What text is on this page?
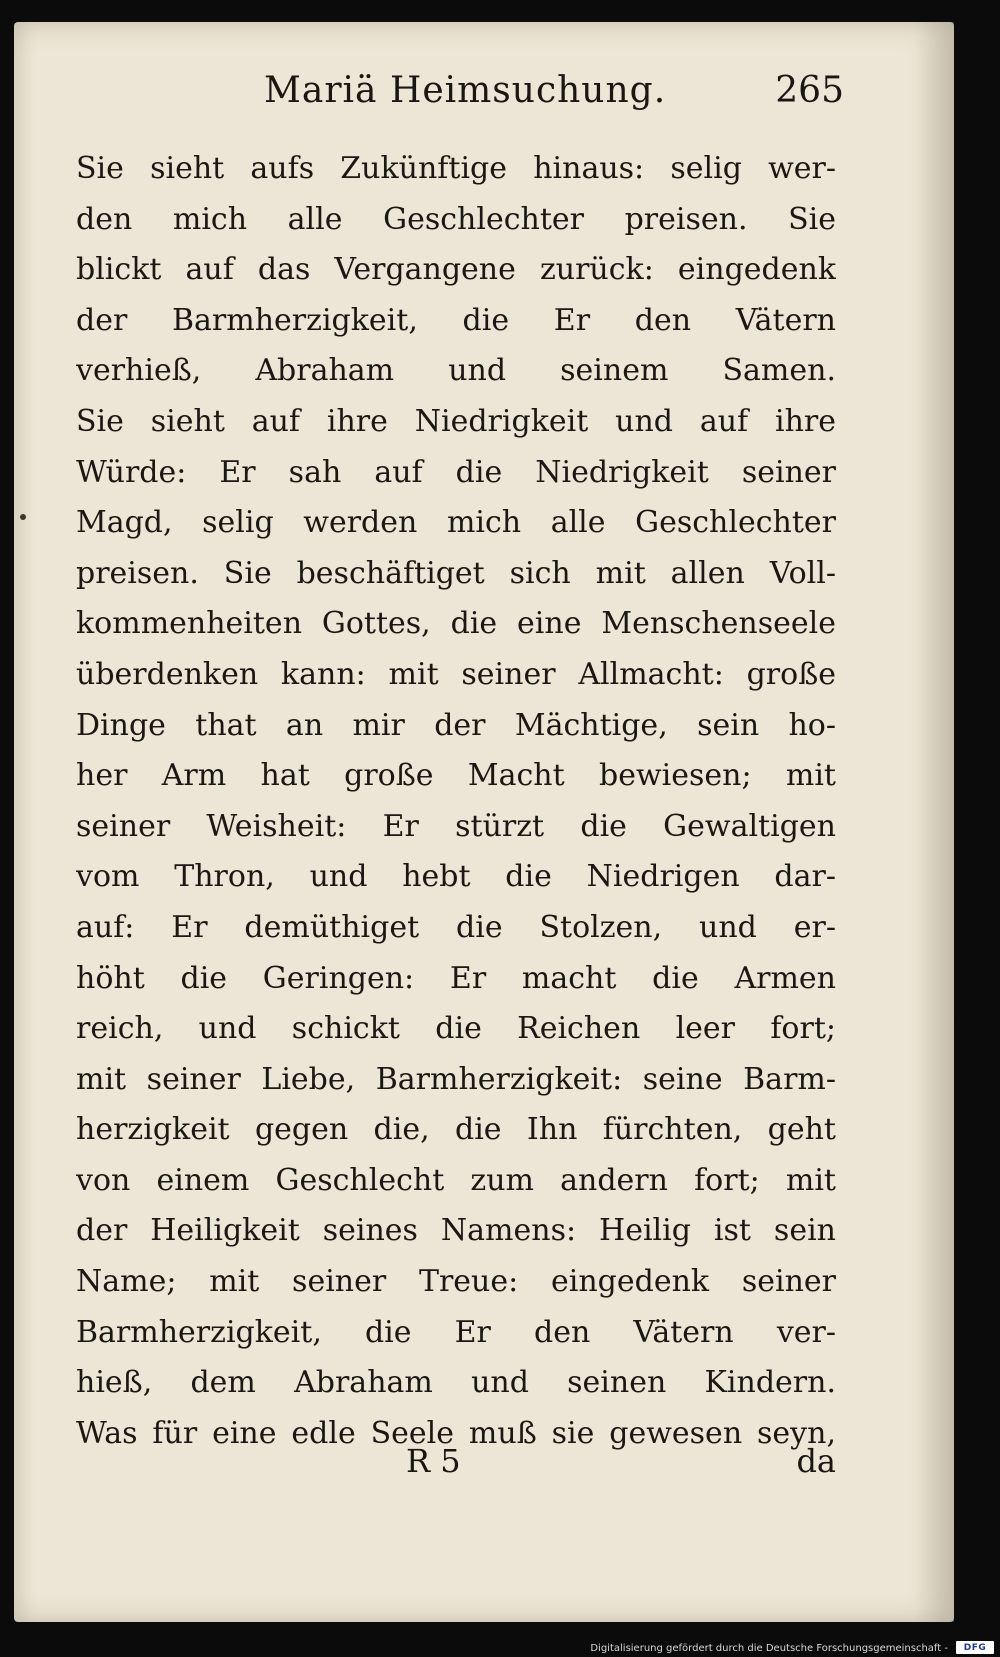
Mariä Heimsuchung.	265
Sie sieht aufs Zukünftige hinaus: selig wer-
den mich alle Geschlechter preisen. Sie
blickt auf das Vergangene zurück: eingedenk
der Barmherzigkeit, die Er den Vätern
verhieß, Abraham und seinem Samen.
Sie sieht auf ihre Niedrigkeit und auf ihre
Würde: Er sah auf die Niedrigkeit seiner
Magd, selig werden mich alle Geschlechter
preisen. Sie beschäftiget sich mit allen Voll-
kommenheiten Gottes, die eine Menschenseele
überdenken kann: mit seiner Allmacht: große
Dinge that an mir der Mächtige, sein ho-
her Arm hat große Macht bewiesen; mit
seiner Weisheit: Er stürzt die Gewaltigen
vom Thron, und hebt die Niedrigen dar-
auf: Er demüthiget die Stolzen, und er-
höht die Geringen: Er macht die Armen
reich, und schickt die Reichen leer fort;
mit seiner Liebe, Barmherzigkeit: seine Barm-
herzigkeit gegen die, die Ihn fürchten, geht
von einem Geschlecht zum andern fort; mit
der Heiligkeit seines Namens: Heilig ist sein
Name; mit seiner Treue: eingedenk seiner
Barmherzigkeit, die Er den Vätern ver-
hieß, dem Abraham und seinen Kindern.
Was für eine edle Seele muß sie gewesen seyn,
R 5	da
Digitalisierung gefördert durch die Deutsche Forschungsgemeinschaft - DFG
